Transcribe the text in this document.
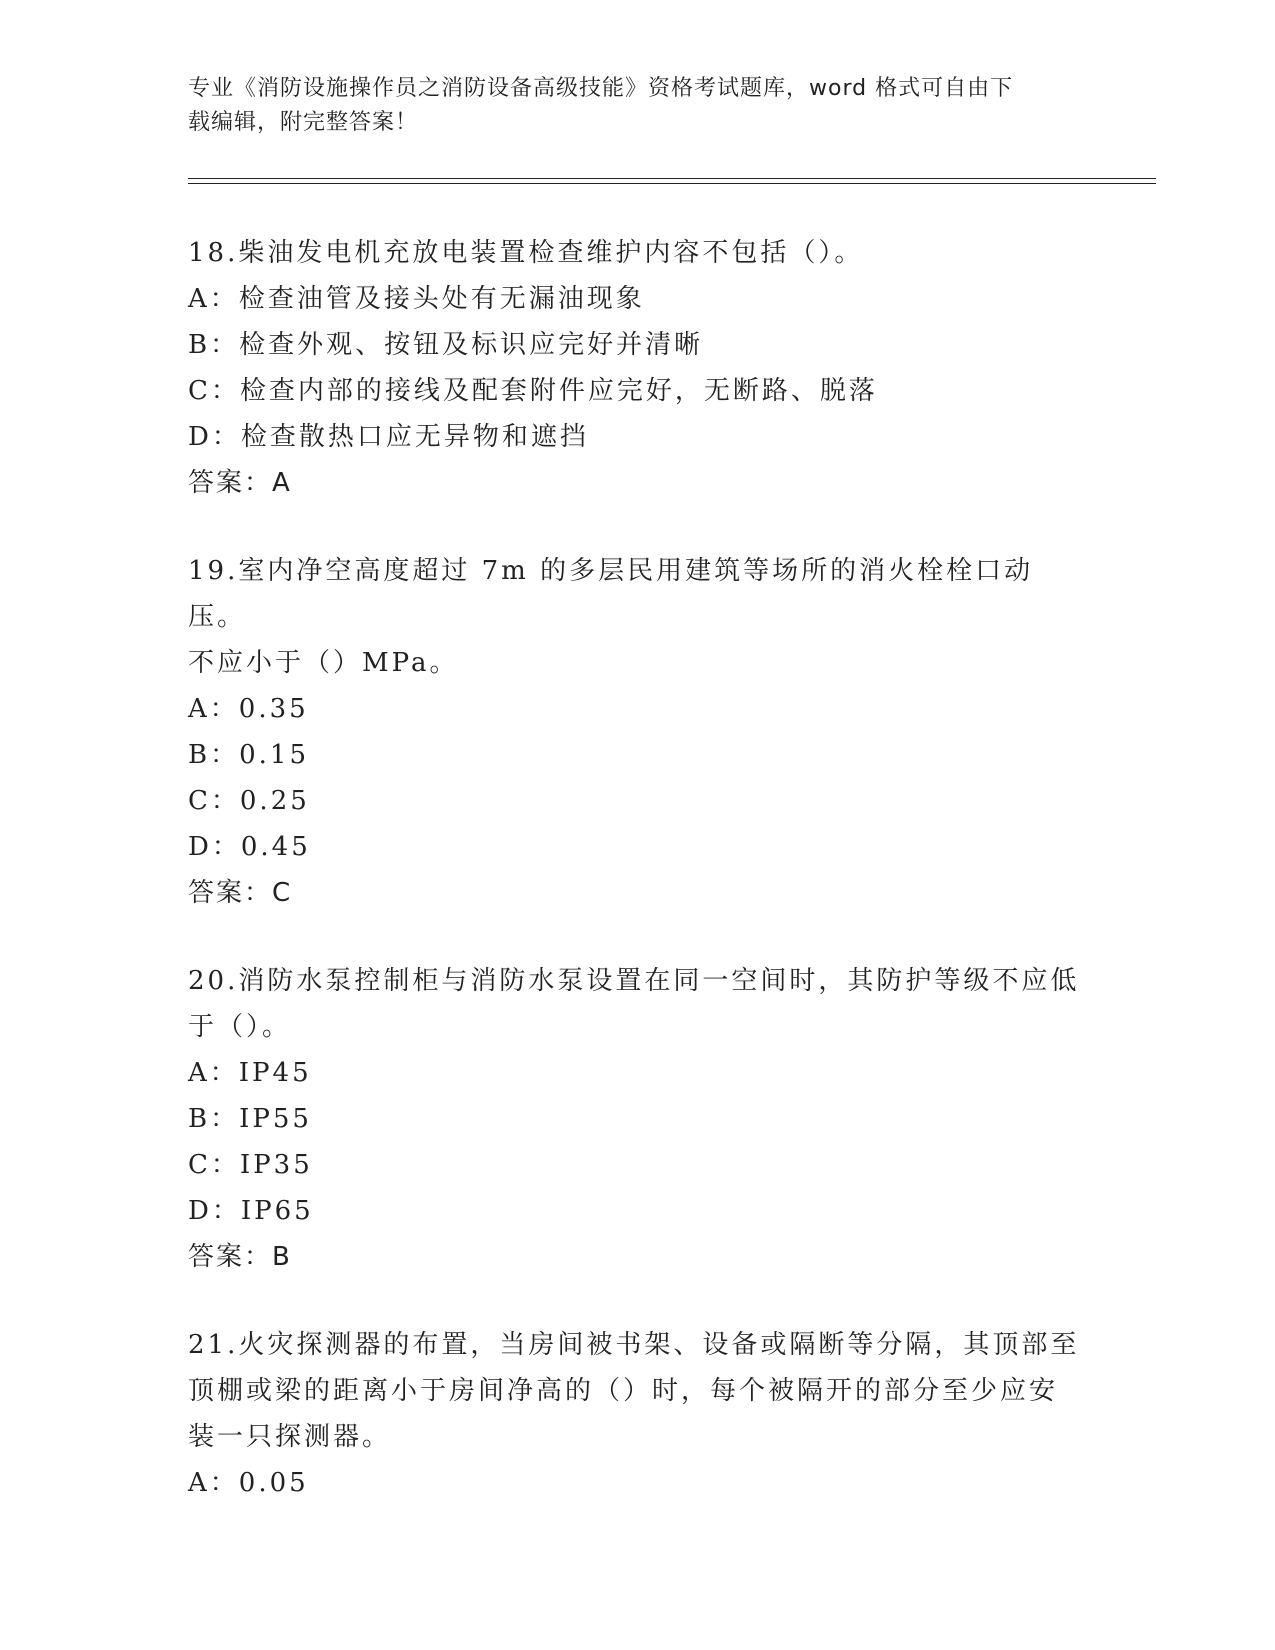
专业《消防设施操作员之消防设备高级技能》资格考试题库，word 格式可自由下

载编辑，附完整答案！

18.柴油发电机充放电装置检查维护内容不包括（）。

A：检查油管及接头处有无漏油现象

B：检查外观、按钮及标识应完好并清晰

C：检查内部的接线及配套附件应完好，无断路、脱落

D：检查散热口应无异物和遮挡

答案：A

19.室内净空高度超过 7m 的多层民用建筑等场所的消火栓栓口动压。

不应小于（）MPa。

A：0.35

B：0.15

C：0.25

D：0.45

答案：C

20.消防水泵控制柜与消防水泵设置在同一空间时，其防护等级不应低

于（）。

A：IP45

B：IP55

C：IP35

D：IP65

答案：B

21.火灾探测器的布置，当房间被书架、设备或隔断等分隔，其顶部至

顶棚或梁的距离小于房间净高的（）时，每个被隔开的部分至少应安

装一只探测器。

A：0.05
